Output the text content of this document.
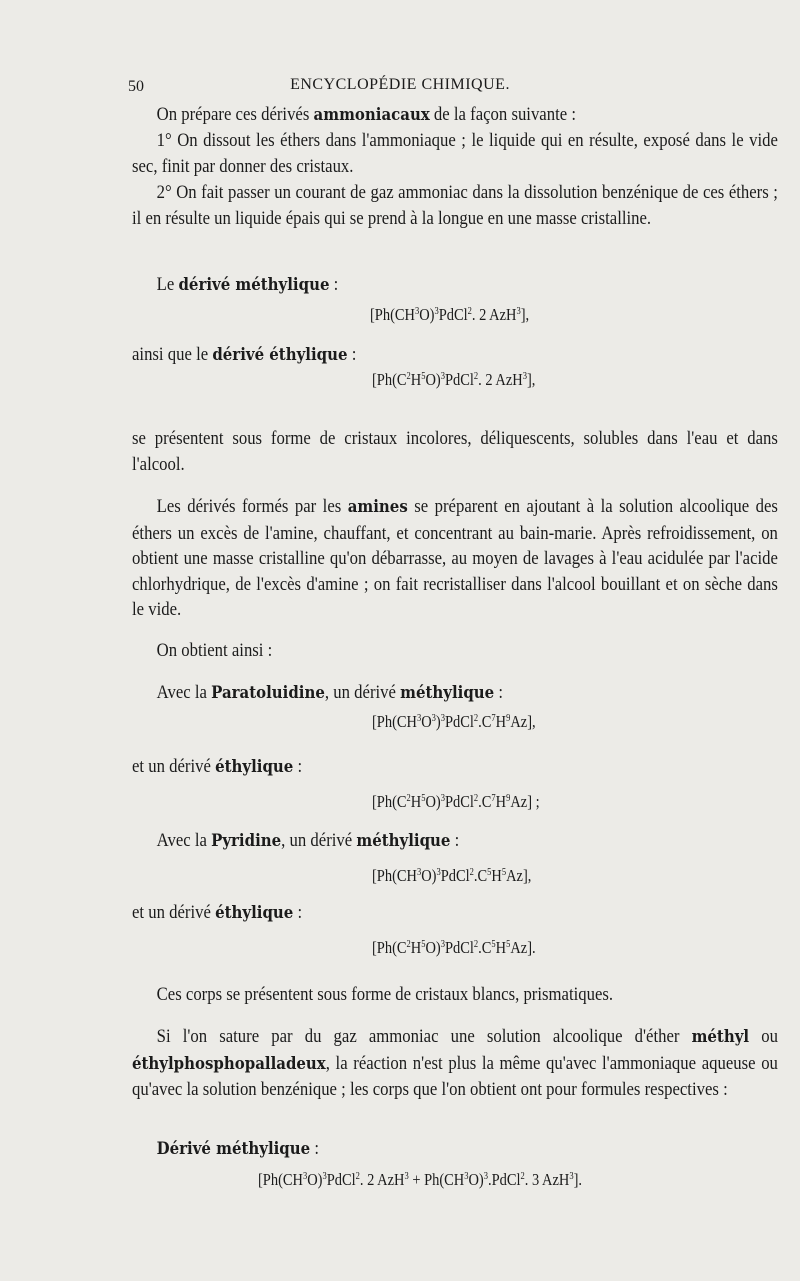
50	ENCYCLOPÉDIE CHIMIQUE.
On prépare ces dérivés ammoniacaux de la façon suivante :
1° On dissout les éthers dans l'ammoniaque ; le liquide qui en résulte, exposé dans le vide sec, finit par donner des cristaux.
2° On fait passer un courant de gaz ammoniac dans la dissolution benzénique de ces éthers ; il en résulte un liquide épais qui se prend à la longue en une masse cristalline.
Le dérivé méthylique :
[$Ph(CH^3O)^3PdCl^2$. 2 AzH$^3$],
ainsi que le dérivé éthylique :
[$Ph(C^2H^5O)^3PdCl^2$. 2 AzH$^3$],
se présentent sous forme de cristaux incolores, déliquescents, solubles dans l'eau et dans l'alcool.
Les dérivés formés par les amines se préparent en ajoutant à la solution alcoolique des éthers un excès de l'amine, chauffant, et concentrant au bain-marie. Après refroidissement, on obtient une masse cristalline qu'on débarrasse, au moyen de lavages à l'eau acidulée par l'acide chlorhydrique, de l'excès d'amine ; on fait recristalliser dans l'alcool bouillant et on sèche dans le vide.
On obtient ainsi :
Avec la Paratoluidine, un dérivé méthylique :
$[Ph(CH^3O^3)^3PdCl^2.C^7H^9Az]$,
et un dérivé éthylique :
$[Ph(C^2H^5O)^3PdCl^2.C^7H^9Az]$ ;
Avec la Pyridine, un dérivé méthylique :
$[Ph(CH^3O)^3PdCl^2.C^5H^5Az]$,
et un dérivé éthylique :
$[Ph(C^2H^5O)^3PdCl^2.C^5H^5Az]$.
Ces corps se présentent sous forme de cristaux blancs, prismatiques.
Si l'on sature par du gaz ammoniac une solution alcoolique d'éther méthyl ou éthylphosphopalladeux, la réaction n'est plus la même qu'avec l'ammoniaque aqueuse ou qu'avec la solution benzénique ; les corps que l'on obtient ont pour formules respectives :
Dérivé méthylique :
[$Ph(CH^3O)^3PdCl^2$. 2 $AzH^3 + Ph(CH^3O)^3.PdCl^2$. 3 AzH$^3$].
